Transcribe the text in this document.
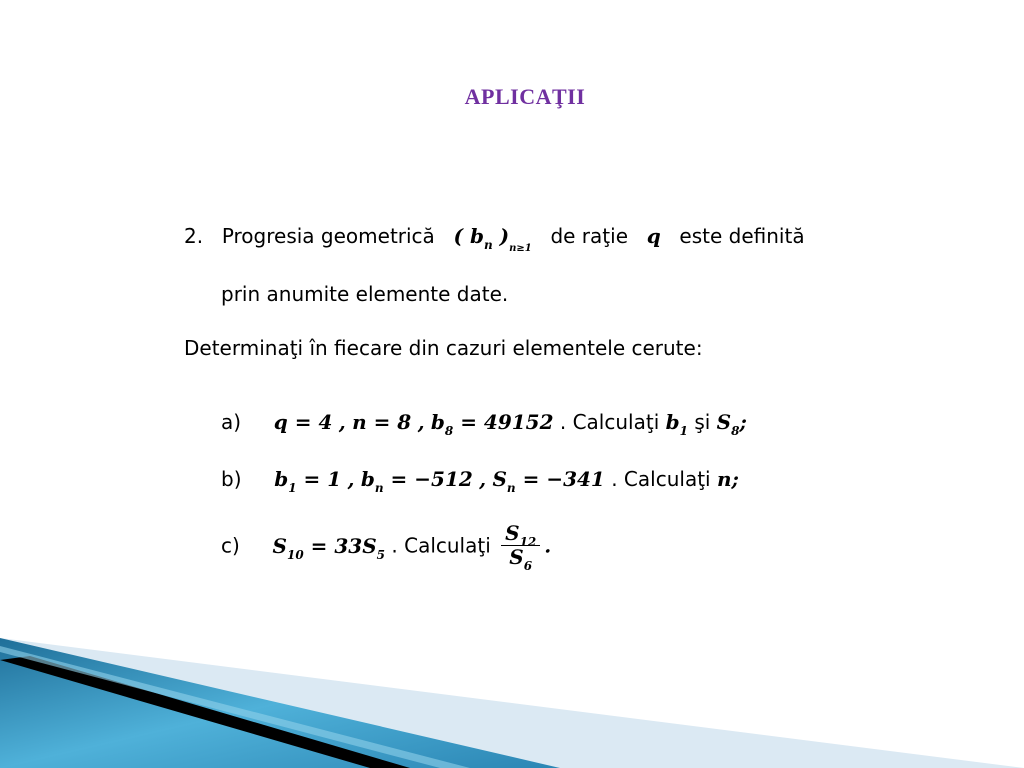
APLICAŢII
2. Progresia geometrică ( $b_n$ )$_{n\ge 1}$  de raţie q este definită
prin anumite elemente date.
Determinaţi în fiecare din cazuri elementele cerute:
a) q = 4 , n = 8 , $b_8 = 49152$ . Calculaţi $b_1$ şi $S_8$;
b) $b_1 = 1$ , $b_n = -512$ , $S_n = -341$ . Calculaţi n;
c) $S_{10} = 33S_5$ . Calculaţi $\frac{S_{12}}{S_6}$ .
